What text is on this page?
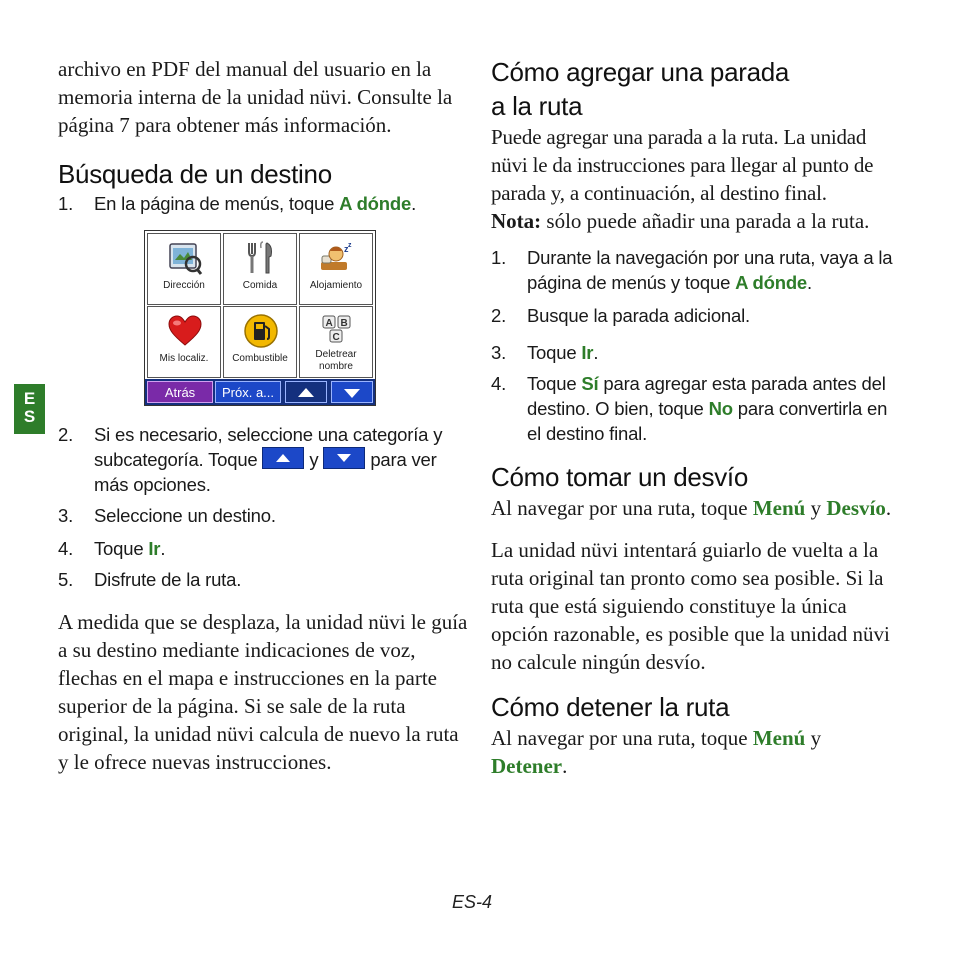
E
S

archivo en PDF del manual del usuario en la memoria interna de la unidad nüvi. Consulte la página 7 para obtener más información.

Búsqueda de un destino
1. En la página de menús, toque A dónde.
Dirección	Comida
z z
Alojamiento
Mis localiz.	Combustible
A B
C
Deletrear
nombre
Atrás	Próx. a...
2. Si es necesario, seleccione una categoría y subcategoría. Toque
y
para ver más opciones.
3. Seleccione un destino.
4. Toque Ir.
5. Disfrute de la ruta.

A medida que se desplaza, la unidad nüvi le guía a su destino mediante indicaciones de voz, flechas en el mapa e instrucciones en la parte superior de la página. Si se sale de la ruta original, la unidad nüvi calcula de nuevo la ruta y le ofrece nuevas instrucciones.

Cómo agregar una parada
a la ruta

Puede agregar una parada a la ruta. La unidad nüvi le da instrucciones para llegar al punto de parada y, a continuación, al destino final.

Nota: sólo puede añadir una parada a la ruta.

1. Durante la navegación por una ruta, vaya a la página de menús y toque A dónde.
2. Busque la parada adicional.
3. Toque Ir.
4. Toque Sí para agregar esta parada antes del destino. O bien, toque No para convertirla en el destino final.
Cómo tomar un desvío

Al navegar por una ruta, toque Menú y Desvío.

La unidad nüvi intentará guiarlo de vuelta a la ruta original tan pronto como sea posible. Si la ruta que está siguiendo constituye la única opción razonable, es posible que la unidad nüvi no calcule ningún desvío.

Cómo detener la ruta

Al navegar por una ruta, toque Menú y Detener.

ES-4
